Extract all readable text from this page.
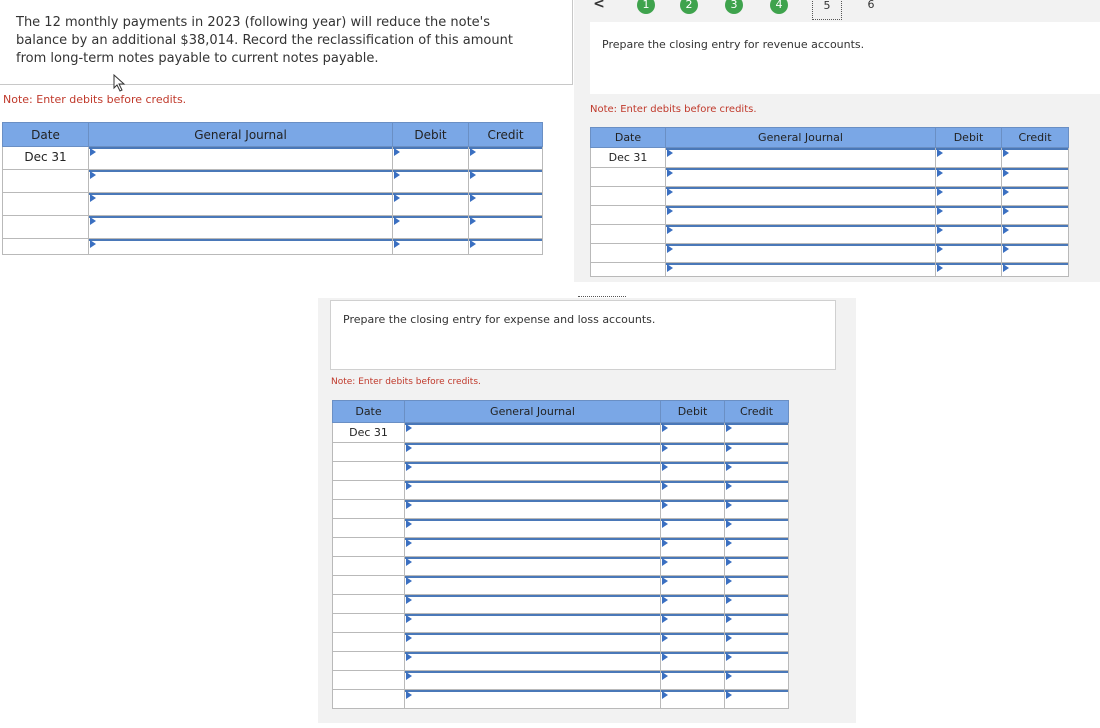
The 12 monthly payments in 2023 (following year) will reduce the note's balance by an additional $38,014. Record the reclassification of this amount from long-term notes payable to current notes payable.
Note: Enter debits before credits.
Date	General Journal	Debit	Credit
Dec 31	

<	1	2	3	4	5	6
Prepare the closing entry for revenue accounts.
Note: Enter debits before credits.
Date	General Journal	Debit	Credit
Dec 31	

Prepare the closing entry for expense and loss accounts.
Note: Enter debits before credits.
Date	General Journal	Debit	Credit
Dec 31	
